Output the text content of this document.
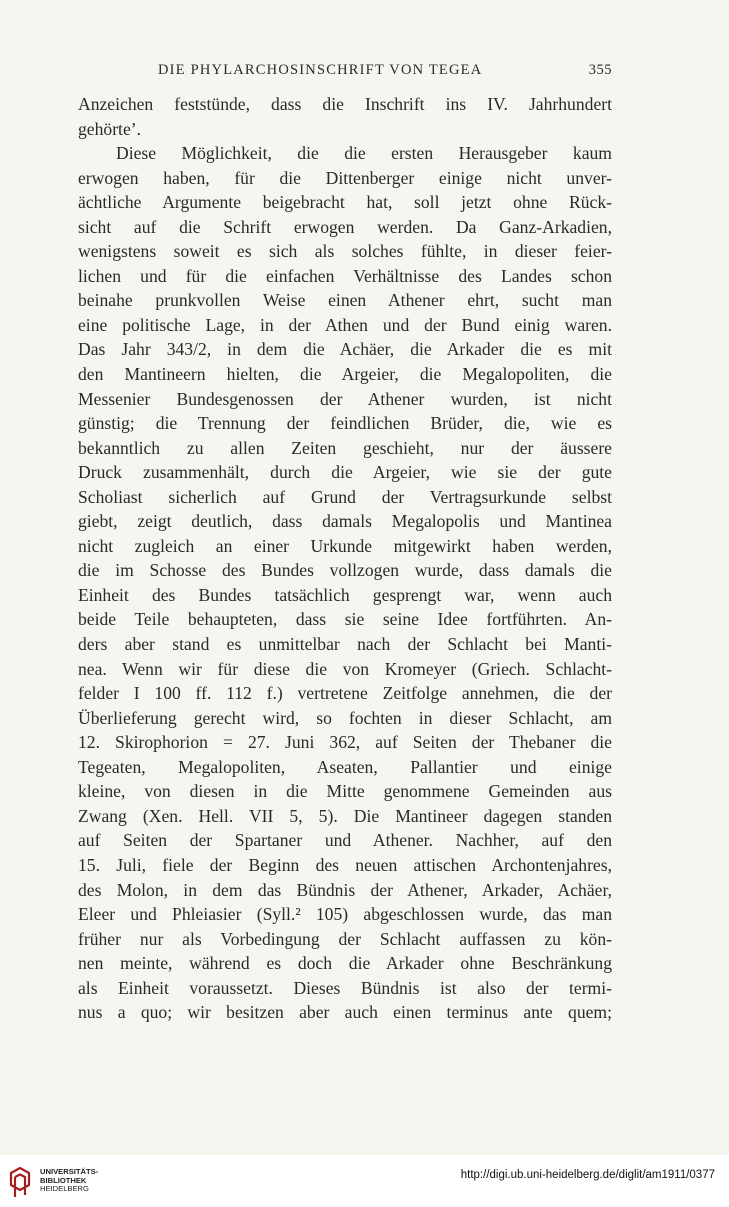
DIE PHYLARCHOSINSCHRIFT VON TEGEA	355
Anzeichen feststünde, dass die Inschrift ins IV. Jahrhundert
gehörte’.
Diese Möglichkeit, die die ersten Herausgeber kaum
erwogen haben, für die Dittenberger einige nicht unver-
ächtliche Argumente beigebracht hat, soll jetzt ohne Rück-
sicht auf die Schrift erwogen werden. Da Ganz-Arkadien,
wenigstens soweit es sich als solches fühlte, in dieser feier-
lichen und für die einfachen Verhältnisse des Landes schon
beinahe prunkvollen Weise einen Athener ehrt, sucht man
eine politische Lage, in der Athen und der Bund einig waren.
Das Jahr 343/2, in dem die Achäer, die Arkader die es mit
den Mantineern hielten, die Argeier, die Megalopoliten, die
Messenier Bundesgenossen der Athener wurden, ist nicht
günstig; die Trennung der feindlichen Brüder, die, wie es
bekanntlich zu allen Zeiten geschieht, nur der äussere
Druck zusammenhält, durch die Argeier, wie sie der gute
Scholiast sicherlich auf Grund der Vertragsurkunde selbst
giebt, zeigt deutlich, dass damals Megalopolis und Mantinea
nicht zugleich an einer Urkunde mitgewirkt haben werden,
die im Schosse des Bundes vollzogen wurde, dass damals die
Einheit des Bundes tatsächlich gesprengt war, wenn auch
beide Teile behaupteten, dass sie seine Idee fortführten. An-
ders aber stand es unmittelbar nach der Schlacht bei Manti-
nea. Wenn wir für diese die von Kromeyer (Griech. Schlacht-
felder I 100 ff. 112 f.) vertretene Zeitfolge annehmen, die der
Überlieferung gerecht wird, so fochten in dieser Schlacht, am
12. Skirophorion = 27. Juni 362, auf Seiten der Thebaner die
Tegeaten, Megalopoliten, Aseaten, Pallantier und einige
kleine, von diesen in die Mitte genommene Gemeinden aus
Zwang (Xen. Hell. VII 5, 5). Die Mantineer dagegen standen
auf Seiten der Spartaner und Athener. Nachher, auf den
15. Juli, fiele der Beginn des neuen attischen Archontenjahres,
des Molon, in dem das Bündnis der Athener, Arkader, Achäer,
Eleer und Phleiasier (Syll.² 105) abgeschlossen wurde, das man
früher nur als Vorbedingung der Schlacht auffassen zu kön-
nen meinte, während es doch die Arkader ohne Beschränkung
als Einheit voraussetzt. Dieses Bündnis ist also der termi-
nus a quo; wir besitzen aber auch einen terminus ante quem;
UNIVERSITÄTS-
BIBLIOTHEK
HEIDELBERG
http://digi.ub.uni-heidelberg.de/diglit/am1911/0377
